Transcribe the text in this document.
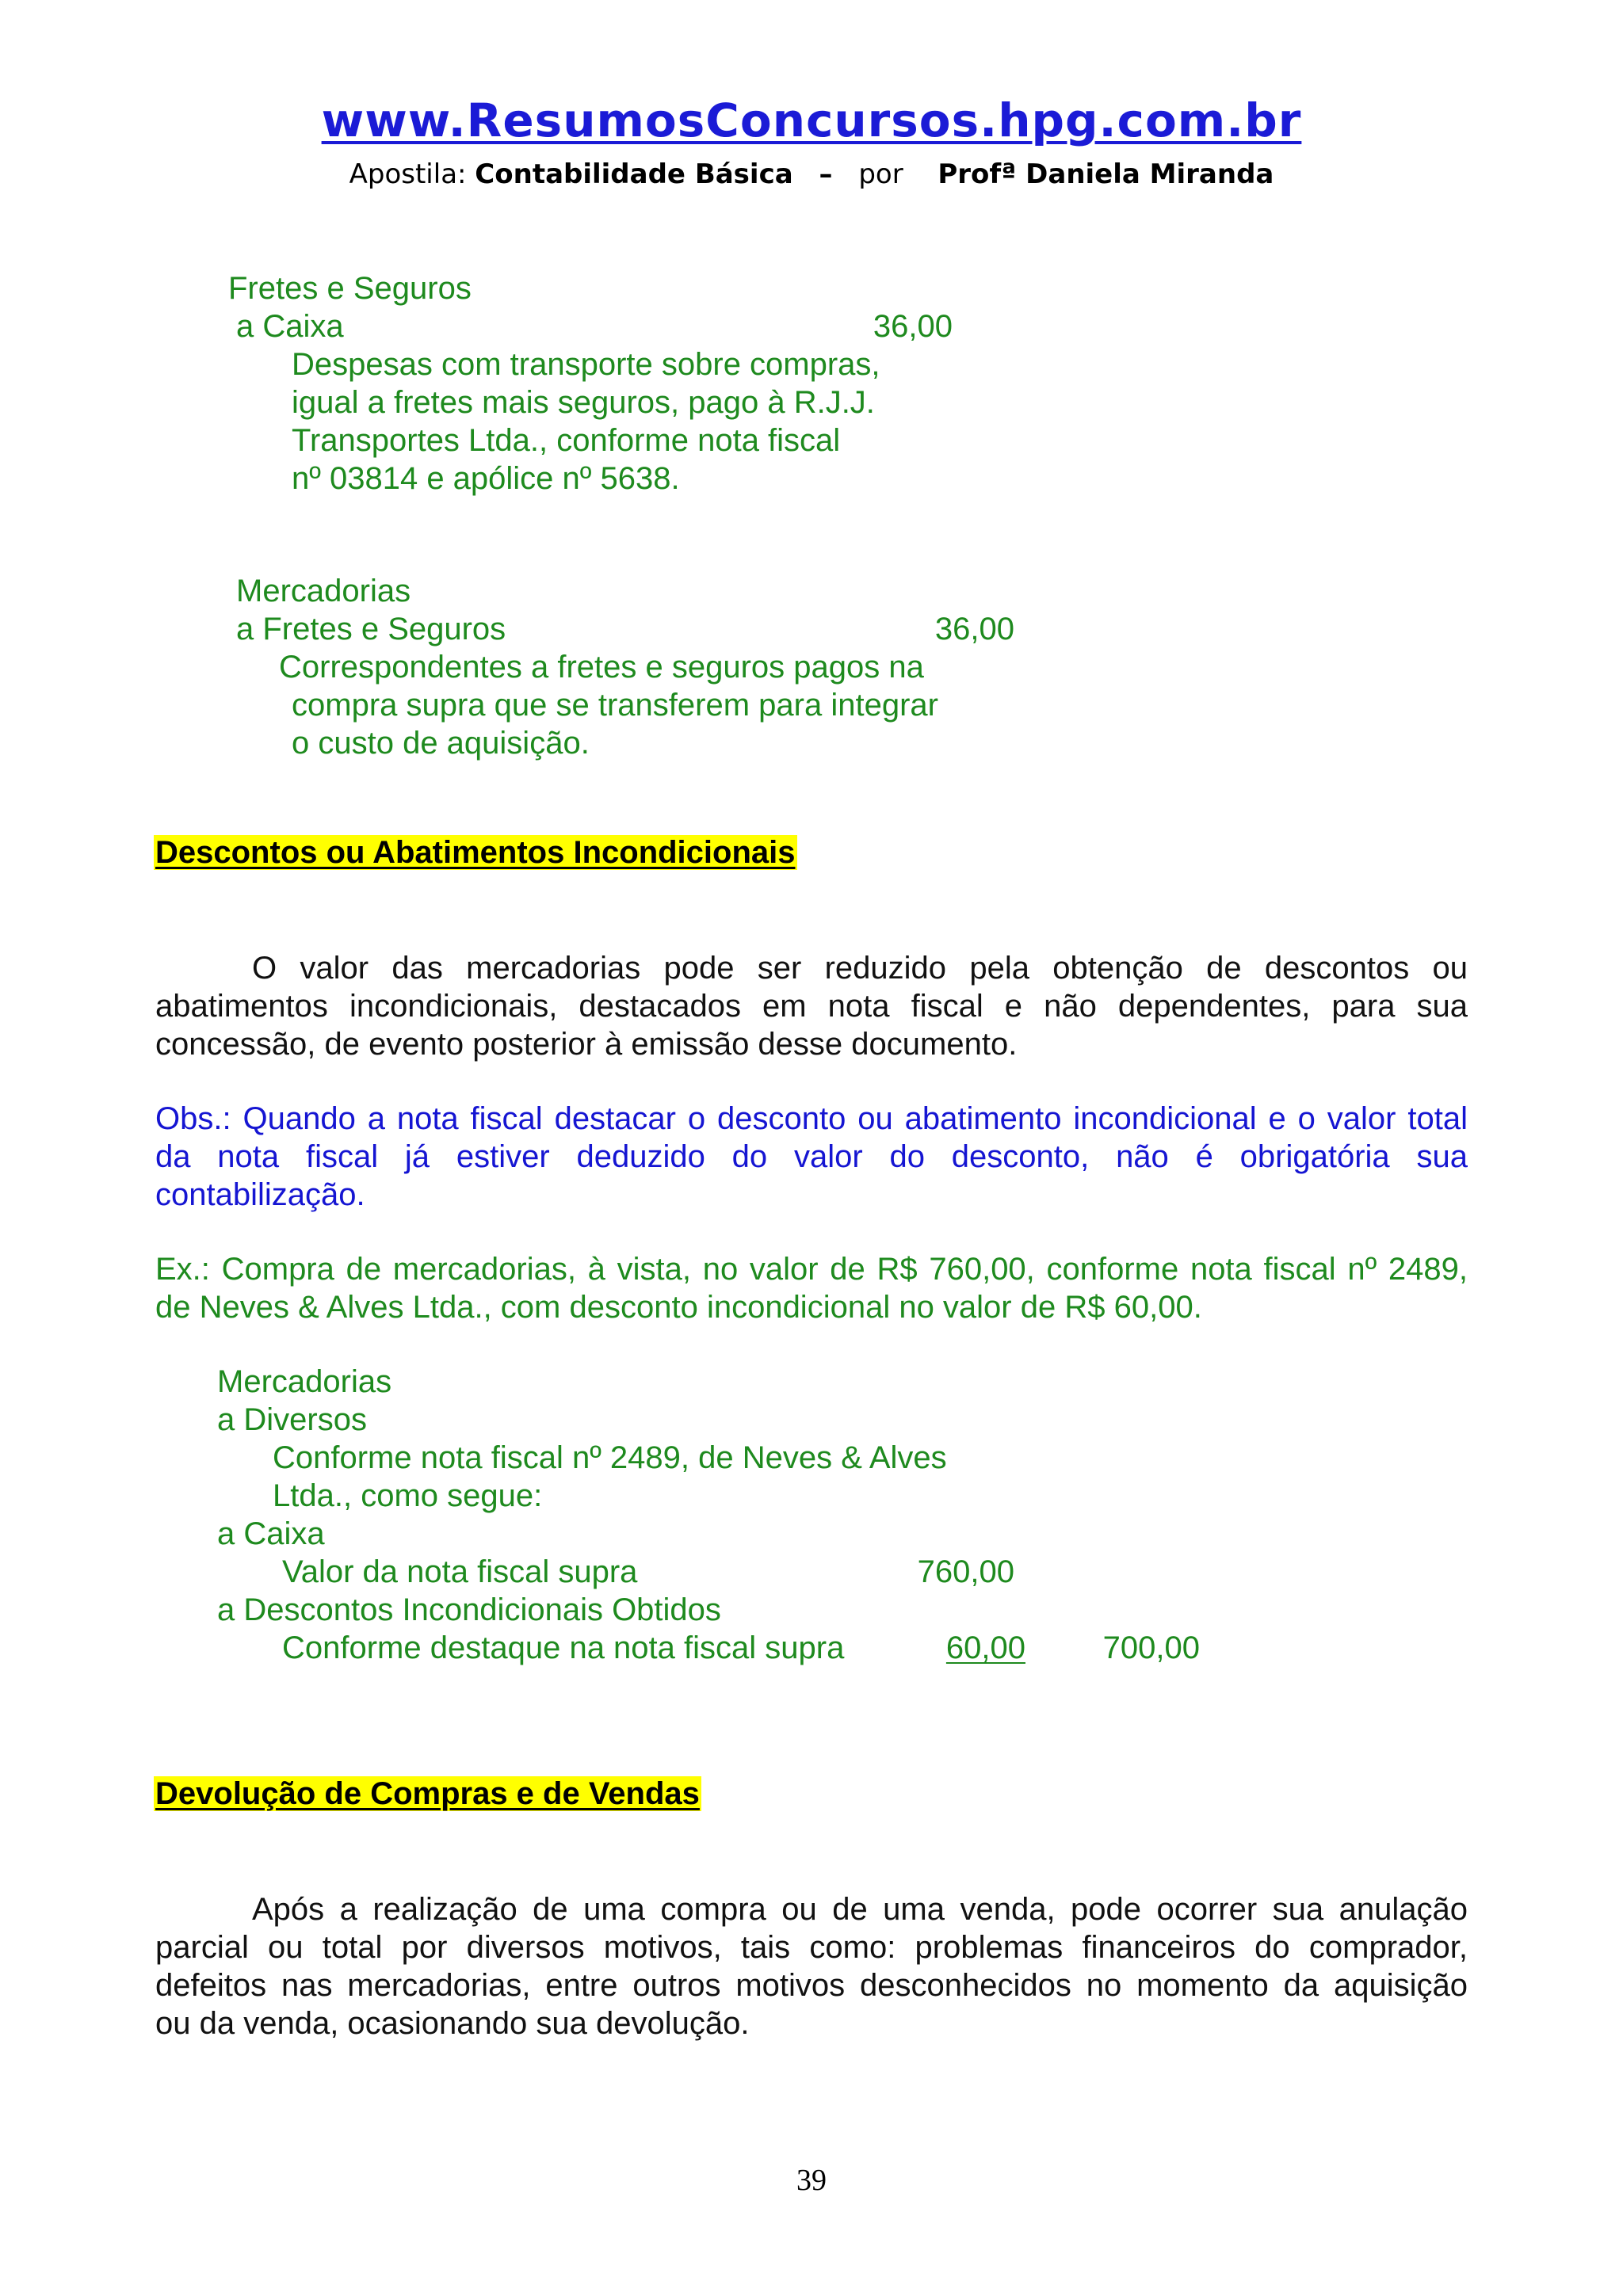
www.ResumosConcursos.hpg.com.br
Apostila: Contabilidade Básica – por Profª Daniela Miranda
Fretes e Seguros
a Caixa	36,00
Despesas com transporte sobre compras,
igual a fretes mais seguros, pago à R.J.J.
Transportes Ltda., conforme nota fiscal
nº 03814 e apólice nº 5638.
Mercadorias
a Fretes e Seguros	36,00
Correspondentes a fretes e seguros pagos na
compra supra que se transferem para integrar
o custo de aquisição.
Descontos ou Abatimentos Incondicionais
O valor das mercadorias pode ser reduzido pela obtenção de descontos ou
abatimentos incondicionais, destacados em nota fiscal e não dependentes, para sua
concessão, de evento posterior à emissão desse documento.
Obs.: Quando a nota fiscal destacar o desconto ou abatimento incondicional e o valor total
da nota fiscal já estiver deduzido do valor do desconto, não é obrigatória sua
contabilização.
Ex.: Compra de mercadorias, à vista, no valor de R$ 760,00, conforme nota fiscal nº 2489,
de Neves & Alves Ltda., com desconto incondicional no valor de R$ 60,00.
Mercadorias
a Diversos
Conforme nota fiscal nº 2489, de Neves & Alves
Ltda., como segue:
a Caixa
Valor da nota fiscal supra	760,00
a Descontos Incondicionais Obtidos
Conforme destaque na nota fiscal supra	60,00	700,00
Devolução de Compras e de Vendas
Após a realização de uma compra ou de uma venda, pode ocorrer sua anulação
parcial ou total por diversos motivos, tais como: problemas financeiros do comprador,
defeitos nas mercadorias, entre outros motivos desconhecidos no momento da aquisição
ou da venda, ocasionando sua devolução.
39
